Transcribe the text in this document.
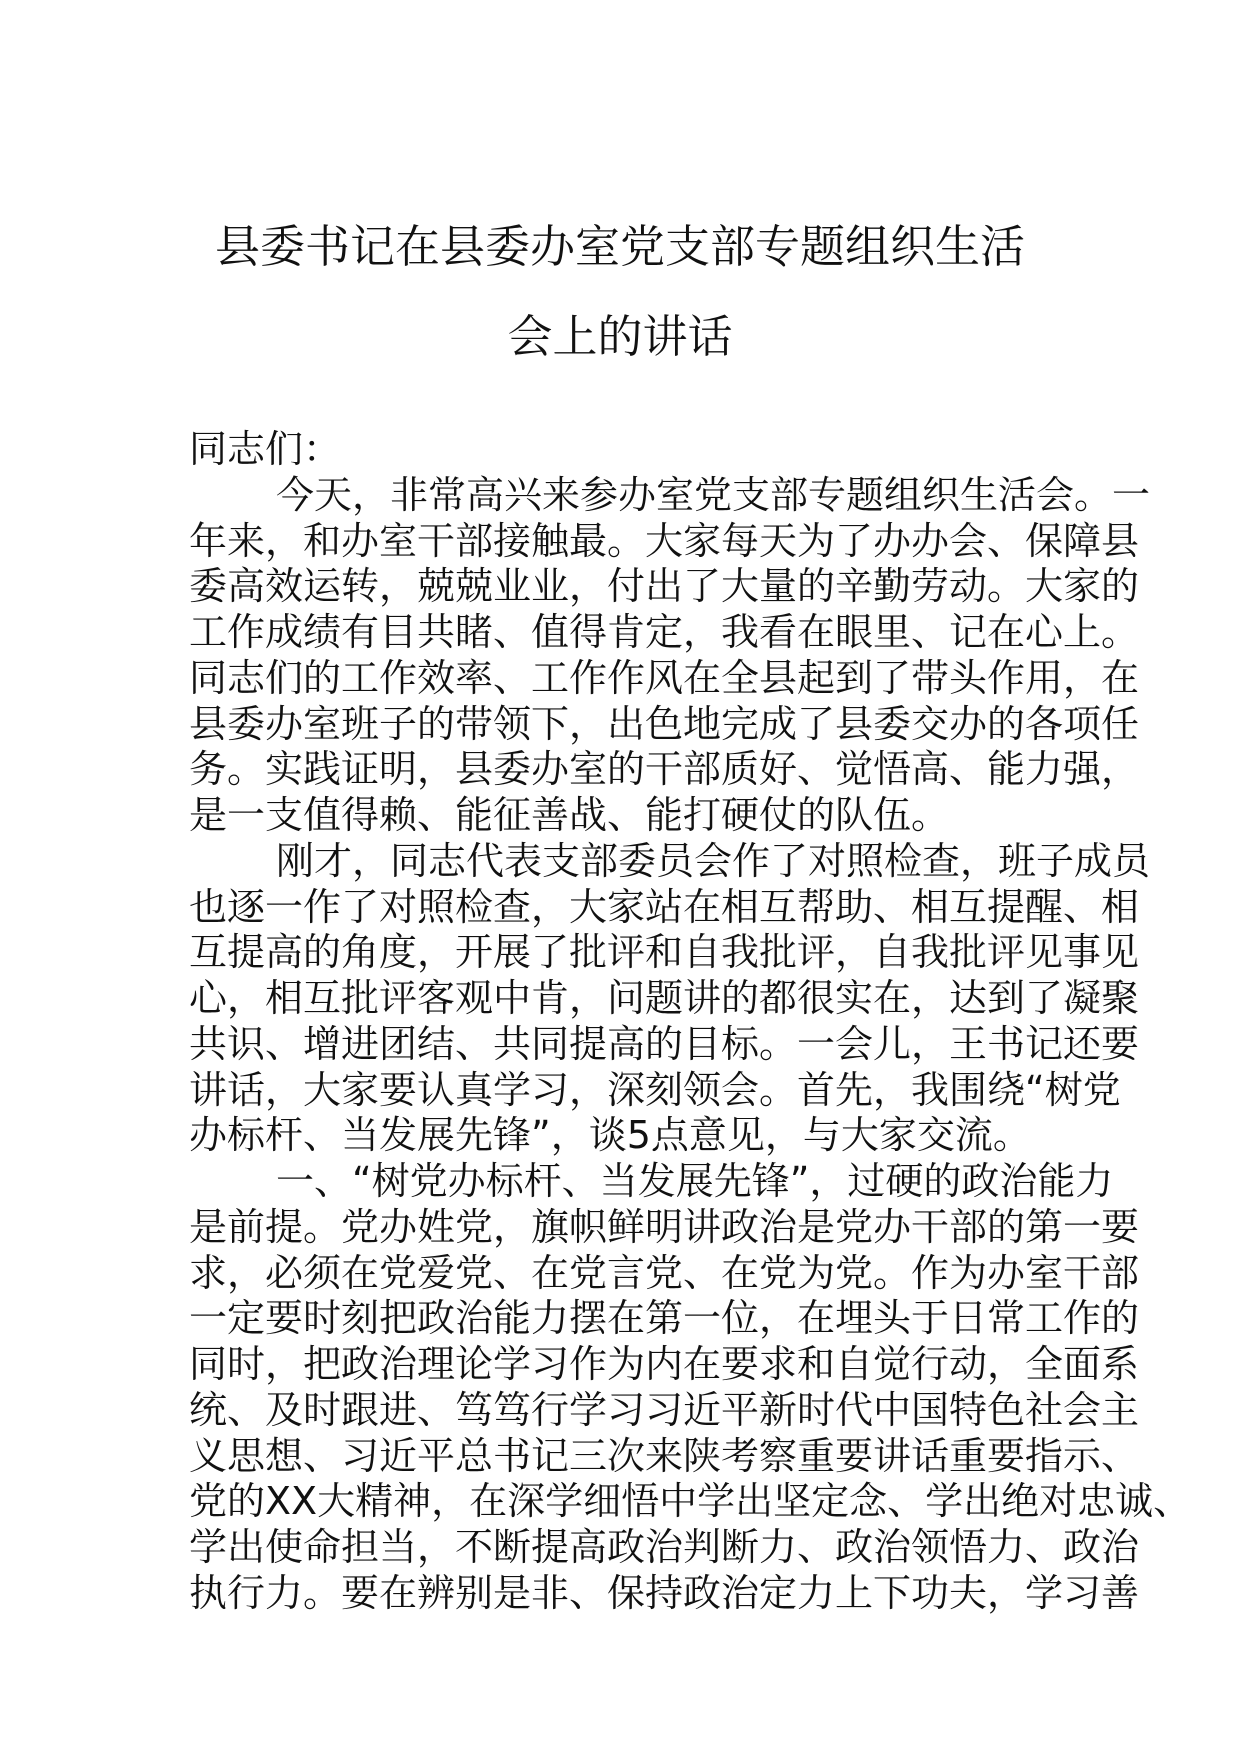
县委书记在县委办室党支部专题组织生活
会上的讲话
同志们：
今天，非常高兴来参办室党支部专题组织生活会。一
年来，和办室干部接触最。大家每天为了办办会、保障县
委高效运转，兢兢业业，付出了大量的辛勤劳动。大家的
工作成绩有目共睹、值得肯定，我看在眼里、记在心上。
同志们的工作效率、工作作风在全县起到了带头作用，在
县委办室班子的带领下，出色地完成了县委交办的各项任
务。实践证明，县委办室的干部质好、觉悟高、能力强，
是一支值得赖、能征善战、能打硬仗的队伍。
刚才，同志代表支部委员会作了对照检查，班子成员
也逐一作了对照检查，大家站在相互帮助、相互提醒、相
互提高的角度，开展了批评和自我批评，自我批评见事见
心，相互批评客观中肯，问题讲的都很实在，达到了凝聚
共识、增进团结、共同提高的目标。一会儿，王书记还要
讲话，大家要认真学习，深刻领会。首先，我围绕“树党
办标杆、当发展先锋”，谈5点意见，与大家交流。
一、“树党办标杆、当发展先锋”，过硬的政治能力
是前提。党办姓党，旗帜鲜明讲政治是党办干部的第一要
求，必须在党爱党、在党言党、在党为党。作为办室干部
一定要时刻把政治能力摆在第一位，在埋头于日常工作的
同时，把政治理论学习作为内在要求和自觉行动，全面系
统、及时跟进、笃笃行学习习近平新时代中国特色社会主
义思想、习近平总书记三次来陕考察重要讲话重要指示、
党的XX大精神，在深学细悟中学出坚定念、学出绝对忠诚、
学出使命担当，不断提高政治判断力、政治领悟力、政治
执行力。要在辨别是非、保持政治定力上下功夫，学习善
